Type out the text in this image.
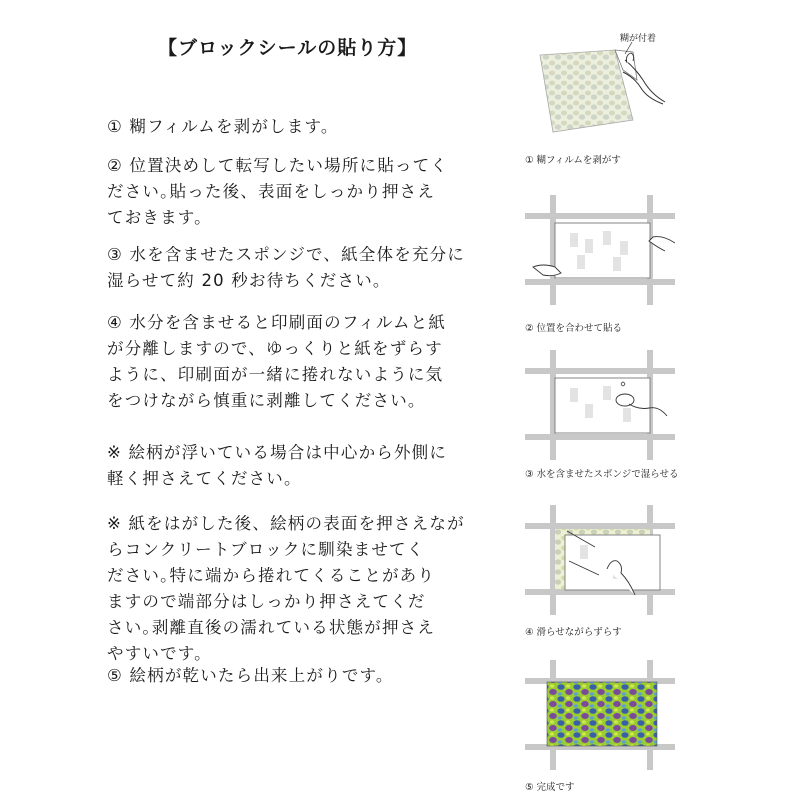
【ブロックシールの貼り方】
① 糊フィルムを剥がします。
② 位置決めして転写したい場所に貼ってく
ださい｡貼った後、表面をしっかり押さえ
ておきます。
③ 水を含ませたスポンジで、紙全体を充分に
湿らせて約 20 秒お待ちください。
④ 水分を含ませると印刷面のフィルムと紙
が分離しますので、ゆっくりと紙をずらす
ように、印刷面が一緒に捲れないように気
をつけながら慎重に剥離してください。
※ 絵柄が浮いている場合は中心から外側に
軽く押さえてください。
※ 紙をはがした後、絵柄の表面を押さえなが
らコンクリートブロックに馴染ませてく
ださい｡特に端から捲れてくることがあり
ますので端部分はしっかり押さえてくだ
さい｡剥離直後の濡れている状態が押さえ
やすいです。
⑤ 絵柄が乾いたら出来上がりです。
糊が付着
① 糊フィルムを剥がす
② 位置を合わせて貼る
③ 水を含ませたスポンジで湿らせる
④ 滑らせながらずらす
⑤ 完成です
